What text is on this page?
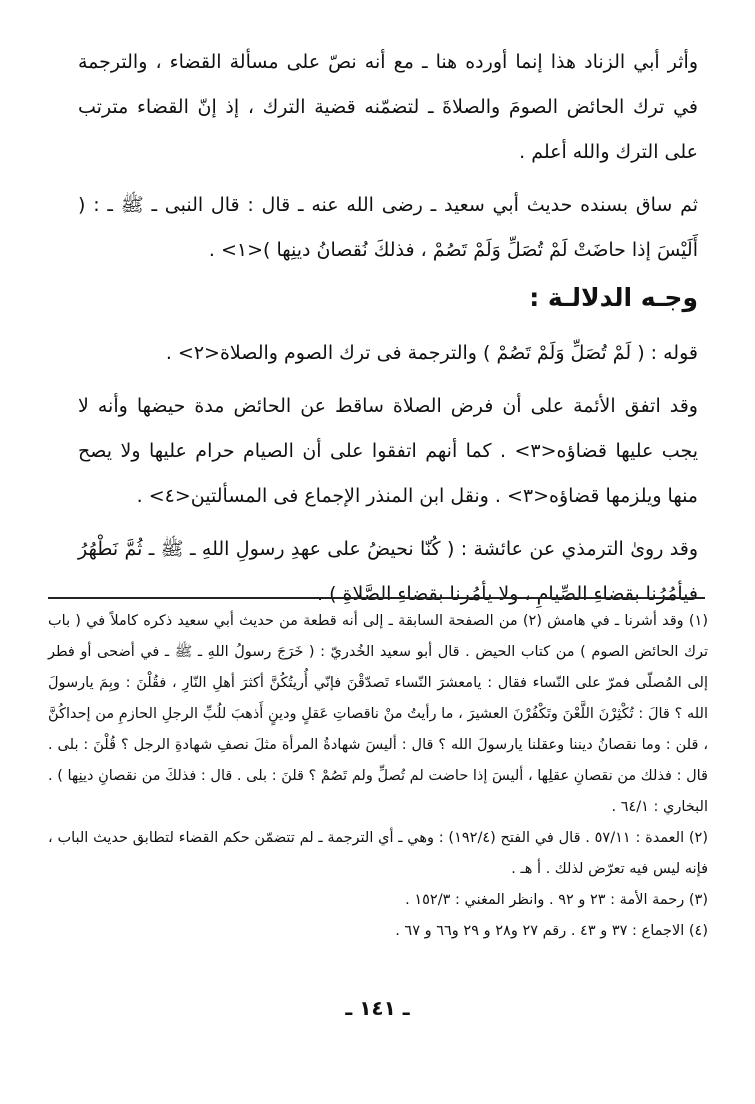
وأثر أبي الزناد هذا إنما أورده هنا ـ مع أنه نصّ على مسألة القضاء ، والترجمة في ترك الحائض الصومَ والصلاةَ ـ لتضمّنه قضية الترك ، إذ إنّ القضاء مترتب على الترك والله أعلم .

ثم ساق بسنده حديث أبي سعيد ـ رضى الله عنه ـ قال : قال النبى ـ ﷺ ـ : ( أَلَيْسَ إذا حاضَتْ لَمْ تُصَلِّ وَلَمْ تَصُمْ ، فذلكَ نُقصانُ دينِها )<١> .

وجـه الدلالـة :

قوله : ( لَمْ تُصَلِّ وَلَمْ تَصُمْ ) والترجمة فى ترك الصوم والصلاة<٢> .

وقد اتفق الأئمة على أن فرض الصلاة ساقط عن الحائض مدة حيضها وأنه لا يجب عليها قضاؤه<٣> . كما أنهم اتفقوا على أن الصيام حرام عليها ولا يصح منها ويلزمها قضاؤه<٣> . ونقل ابن المنذر الإجماع فى المسألتين<٤> .

وقد روىٰ الترمذي عن عائشة : ( كُنّا نحيضُ على عهدِ رسولِ اللهِ ـ ﷺ ـ ثُمَّ نَطْهُرُ فيأمُرُنا بقضاءِ الصِّيامِ ، ولا يأمُرنا بقضاءِ الصَّلاةِ ) .

(١) وقد أشرنا ـ في هامش (٢) من الصفحة السابقة ـ إلى أنه قطعة من حديث أبي سعيد ذكره كاملاً في ( باب ترك الحائض الصوم ) من كتاب الحيض . قال أبو سعيد الخُدريّ : ( خَرَجَ رسولُ اللهِ ـ ﷺ ـ في أضحى أو فطر إلى المُصلّى فمرّ على النّساء فقال : يامعشرَ النّساء تَصدّقْنَ فإنّي أُريتُكُنَّ أكثرَ أهلِ النّارِ ، فقُلْنَ : وبِمَ يارسولَ الله ؟ قالَ : تُكْثِرْنَ اللَّعْنَ وتَكْفُرْنَ العشيرَ ، ما رأيتُ منْ ناقصاتِ عَقلٍ ودينٍ أَذهبَ للُبِّ الرجلِ الحازمِ من إحداكُنَّ ، قلن : وما نقصانُ ديننا وعقلنا يارسولَ الله ؟ قال : أليسَ شهادةُ المرأة مثلَ نصفِ شهادةِ الرجل ؟ قُلْنَ : بلى . قال : فذلك من نقصانِ عقلِها ، أليسَ إذا حاضت لم تُصلِّ ولم تَصُمْ ؟ قلنَ : بلى . قال : فذلكَ من نقصانِ دينِها ) . البخاري : ٦٤/١ .

(٢) العمدة : ٥٧/١١ . قال في الفتح (١٩٢/٤) : وهي ـ أي الترجمة ـ لم تتضمّن حكم القضاء لتطابق حديث الباب ، فإنه ليس فيه تعرّض لذلك . أ هـ .

(٣) رحمة الأمة : ٢٣ و ٩٢ . وانظر المغني : ١٥٢/٣ .

(٤) الاجماع : ٣٧ و ٤٣ . رقم ٢٧ و٢٨ و ٢٩ و٦٦ و ٦٧ .

ـ ١٤١ ـ
